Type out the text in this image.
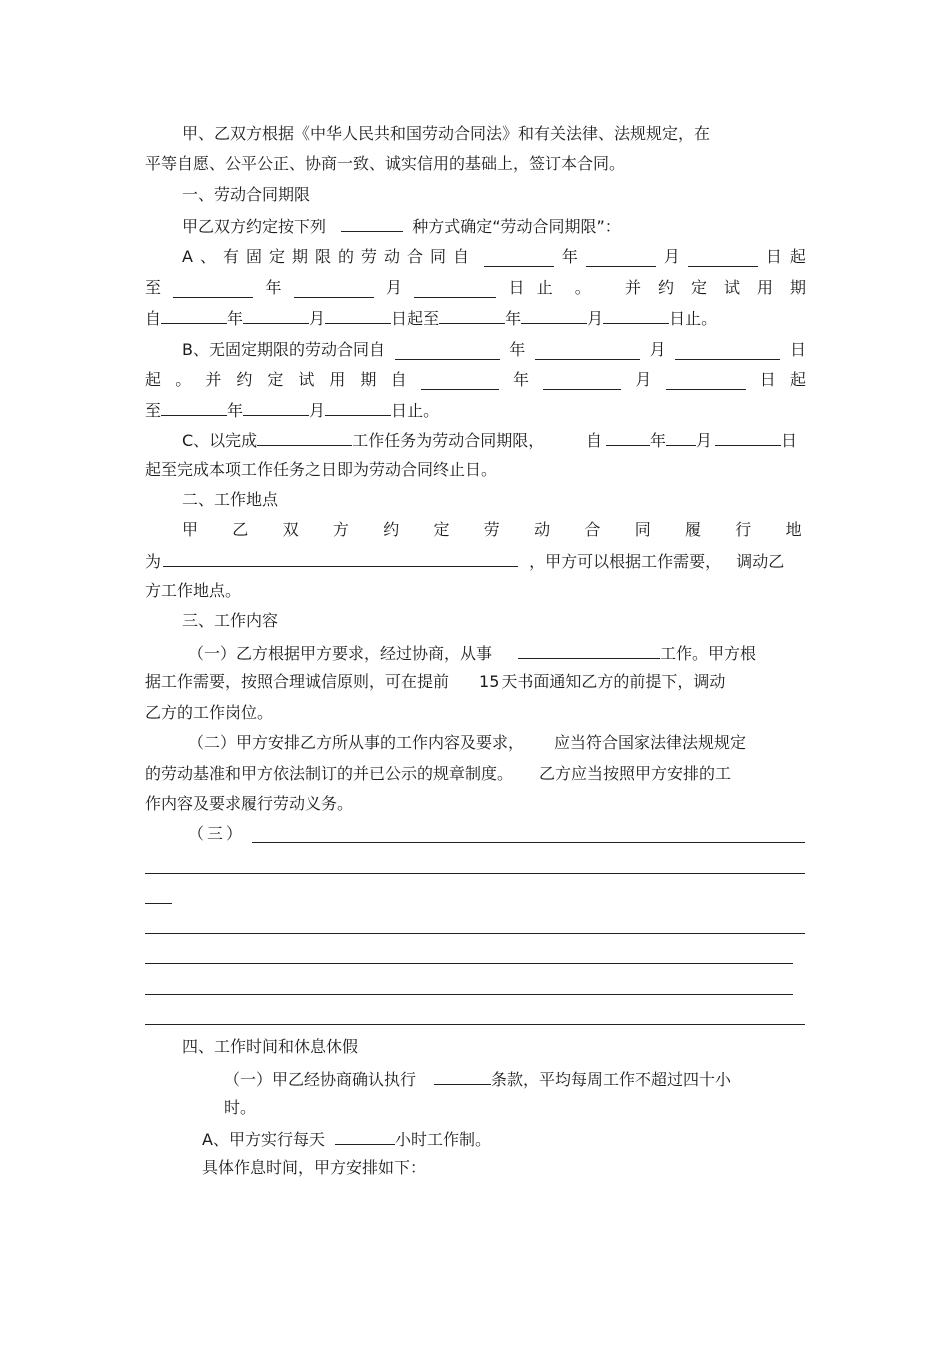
甲、乙双方根据《中华人民共和国劳动合同法》和有关法律、法规规定，在
平等自愿、公平公正、协商一致、诚实信用的基础上，签订本合同。
一、劳动合同期限
甲乙双方约定按下列	种方式确定“劳动合同期限”：
A、有固定期限的劳动合同自	年	月	日 起
至	年	月	日 止。 并约定试用期
自	年	月	日起至	年	月	日止。
B、无固定期限的劳动合同自	年	月	日
起 。 并约定试用期 自	年	月	日 起
至	年	月	日止。
C、以完成	工作任务为劳动合同期限，	自	年 月	日
起至完成本项工作任务之日即为劳动合同终止日。
二、工作地点
甲乙双方约定劳动合同履行地
为	，甲方可以根据工作需要， 调动乙
方工作地点。
三、工作内容
（一）乙方根据甲方要求，经过协商，从事	工作。甲方根
据工作需要，按照合理诚信原则，可在提前 15 天书面通知乙方的前提下，调动
乙方的工作岗位。
（二）甲方安排乙方所从事的工作内容及要求， 应当符合国家法律法规规定
的劳动基准和甲方依法制订的并已公示的规章制度。 乙方应当按照甲方安排的工
作内容及要求履行劳动义务。
（三）
四、工作时间和休息休假
（一）甲乙经协商确认执行	条款，平均每周工作不超过四十小
时。
A、甲方实行每天	小时工作制。
具体作息时间，甲方安排如下：
